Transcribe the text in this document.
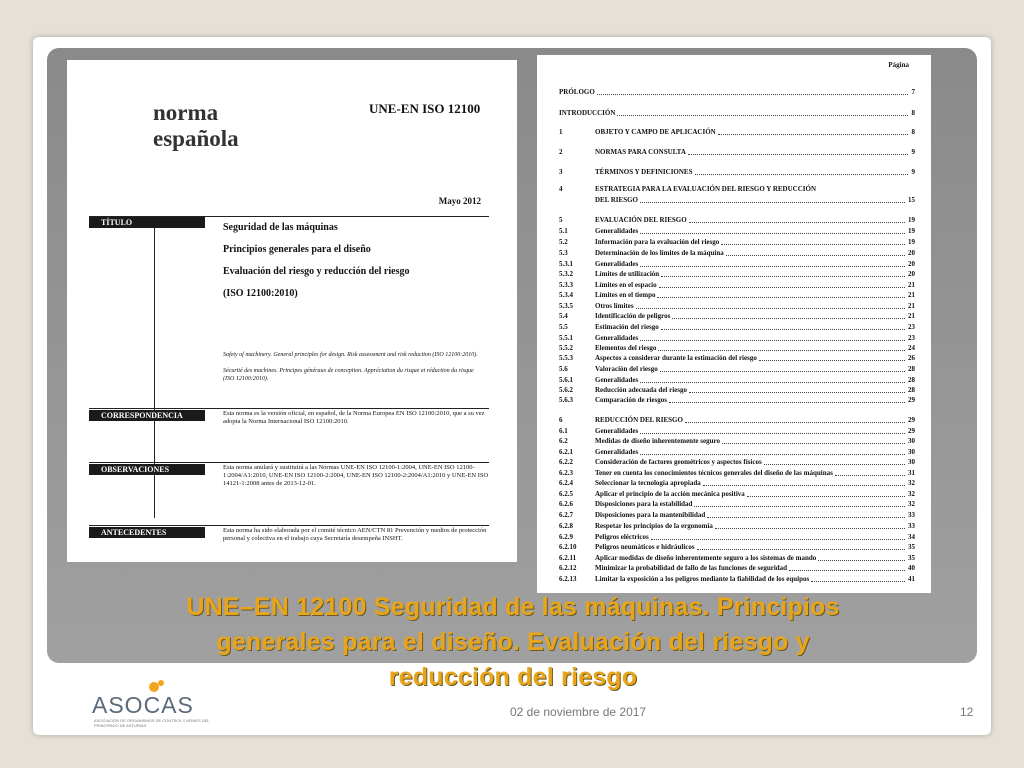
norma
española
UNE-EN ISO 12100
Mayo 2012
TÍTULO	Seguridad de las máquinas
Principios generales para el diseño
Evaluación del riesgo y reducción del riesgo
(ISO 12100:2010)
Safety of machinery. General principles for design. Risk assessment and risk reduction (ISO 12100:2010).
Sécurité des machines. Principes généraux de conception. Appréciation du risque et réduction du risque (ISO 12100:2010).
CORRESPONDENCIA	Esta norma es la versión oficial, en español, de la Norma Europea EN ISO 12100:2010, que a su vez adopta la Norma Internacional ISO 12100:2010.
OBSERVACIONES	Esta norma anulará y sustituirá a las Normas UNE-EN ISO 12100-1:2004, UNE-EN ISO 12100-1:2004/A1:2010, UNE-EN ISO 12100-2:2004, UNE-EN ISO 12100-2:2004/A1:2010 y UNE-EN ISO 14121-1:2008 antes de 2013-12-01.
ANTECEDENTES	Esta norma ha sido elaborada por el comité técnico AEN/CTN 81 Prevención y medios de protección personal y colectiva en el trabajo cuya Secretaría desempeña INSHT.
Página
PRÓLOGO	7
INTRODUCCIÓN	8
1	OBJETO Y CAMPO DE APLICACIÓN	8
2	NORMAS PARA CONSULTA	9
3	TÉRMINOS Y DEFINICIONES	9
4	ESTRATEGIA PARA LA EVALUACIÓN DEL RIESGO Y REDUCCIÓN
DEL RIESGO	15
5	EVALUACIÓN DEL RIESGO	19
5.1	Generalidades	19
5.2	Información para la evaluación del riesgo	19
5.3	Determinación de los límites de la máquina	20
5.3.1	Generalidades	20
5.3.2	Límites de utilización	20
5.3.3	Límites en el espacio	21
5.3.4	Límites en el tiempo	21
5.3.5	Otros límites	21
5.4	Identificación de peligros	21
5.5	Estimación del riesgo	23
5.5.1	Generalidades	23
5.5.2	Elementos del riesgo	24
5.5.3	Aspectos a considerar durante la estimación del riesgo	26
5.6	Valoración del riesgo	28
5.6.1	Generalidades	28
5.6.2	Reducción adecuada del riesgo	28
5.6.3	Comparación de riesgos	29
6	REDUCCIÓN DEL RIESGO	29
6.1	Generalidades	29
6.2	Medidas de diseño inherentemente seguro	30
6.2.1	Generalidades	30
6.2.2	Consideración de factores geométricos y aspectos físicos	30
6.2.3	Tener en cuenta los conocimientos técnicos generales del diseño de las máquinas	31
6.2.4	Seleccionar la tecnología apropiada	32
6.2.5	Aplicar el principio de la acción mecánica positiva	32
6.2.6	Disposiciones para la estabilidad	32
6.2.7	Disposiciones para la mantenibilidad	33
6.2.8	Respetar los principios de la ergonomía	33
6.2.9	Peligros eléctricos	34
6.2.10	Peligros neumáticos e hidráulicos	35
6.2.11	Aplicar medidas de diseño inherentemente seguro a los sistemas de mando	35
6.2.12	Minimizar la probabilidad de fallo de las funciones de seguridad	40
6.2.13	Limitar la exposición a los peligros mediante la fiabilidad de los equipos	41
UNE–EN 12100 Seguridad de las máquinas. Principios
generales para el diseño. Evaluación del riesgo y
reducción del riesgo
ASOCAS
ASOCIACIÓN DE ORGANISMOS DE CONTROL Y AFINES DEL PRINCIPADO DE ASTURIAS
02 de noviembre de 2017	12
